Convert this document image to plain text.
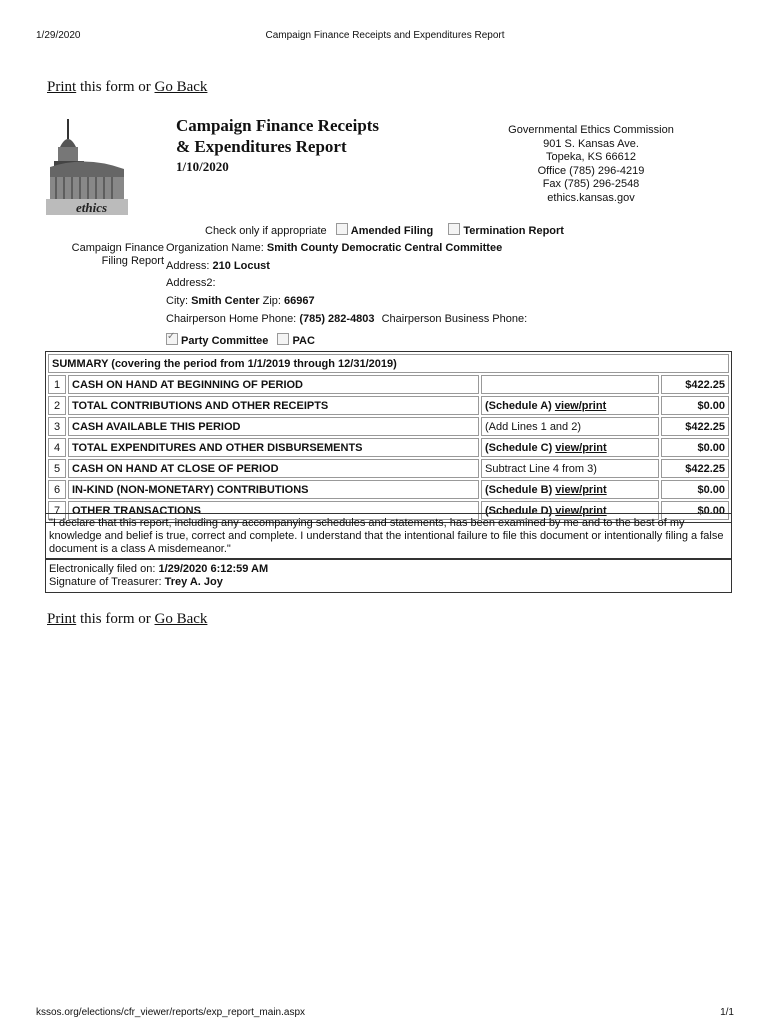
1/29/2020	Campaign Finance Receipts and Expenditures Report
Print this form or Go Back
ethics
Campaign Finance Receipts
& Expenditures Report
1/10/2020
Governmental Ethics Commission
901 S. Kansas Ave.
Topeka, KS 66612
Office (785) 296-4219
Fax (785) 296-2548
ethics.kansas.gov
Check only if appropriate Amended Filing	Termination Report
Campaign Finance
Filing Report
Organization Name: Smith County Democratic Central Committee
Address: 210 Locust
Address2:
City: Smith Center Zip: 66967
Chairperson Home Phone: (785) 282-4803 Chairperson Business Phone:
✓Party Committee PAC
SUMMARY (covering the period from 1/1/2019 through 12/31/2019)			
1	CASH ON HAND AT BEGINNING OF PERIOD		$422.25
2	TOTAL CONTRIBUTIONS AND OTHER RECEIPTS	(Schedule A) view/print	$0.00
3	CASH AVAILABLE THIS PERIOD	(Add Lines 1 and 2)	$422.25
4	TOTAL EXPENDITURES AND OTHER DISBURSEMENTS	(Schedule C) view/print	$0.00
5	CASH ON HAND AT CLOSE OF PERIOD	Subtract Line 4 from 3)	$422.25
6	IN-KIND (NON-MONETARY) CONTRIBUTIONS	(Schedule B) view/print	$0.00
7	OTHER TRANSACTIONS	(Schedule D) view/print	$0.00
"I declare that this report, including any accompanying schedules and statements, has been examined by me and to the best of my knowledge and belief is true, correct and complete. I understand that the intentional failure to file this document or intentionally filing a false document is a class A misdemeanor."
Electronically filed on: 1/29/2020 6:12:59 AM
Signature of Treasurer: Trey A. Joy
Print this form or Go Back
kssos.org/elections/cfr_viewer/reports/exp_report_main.aspx	1/1
